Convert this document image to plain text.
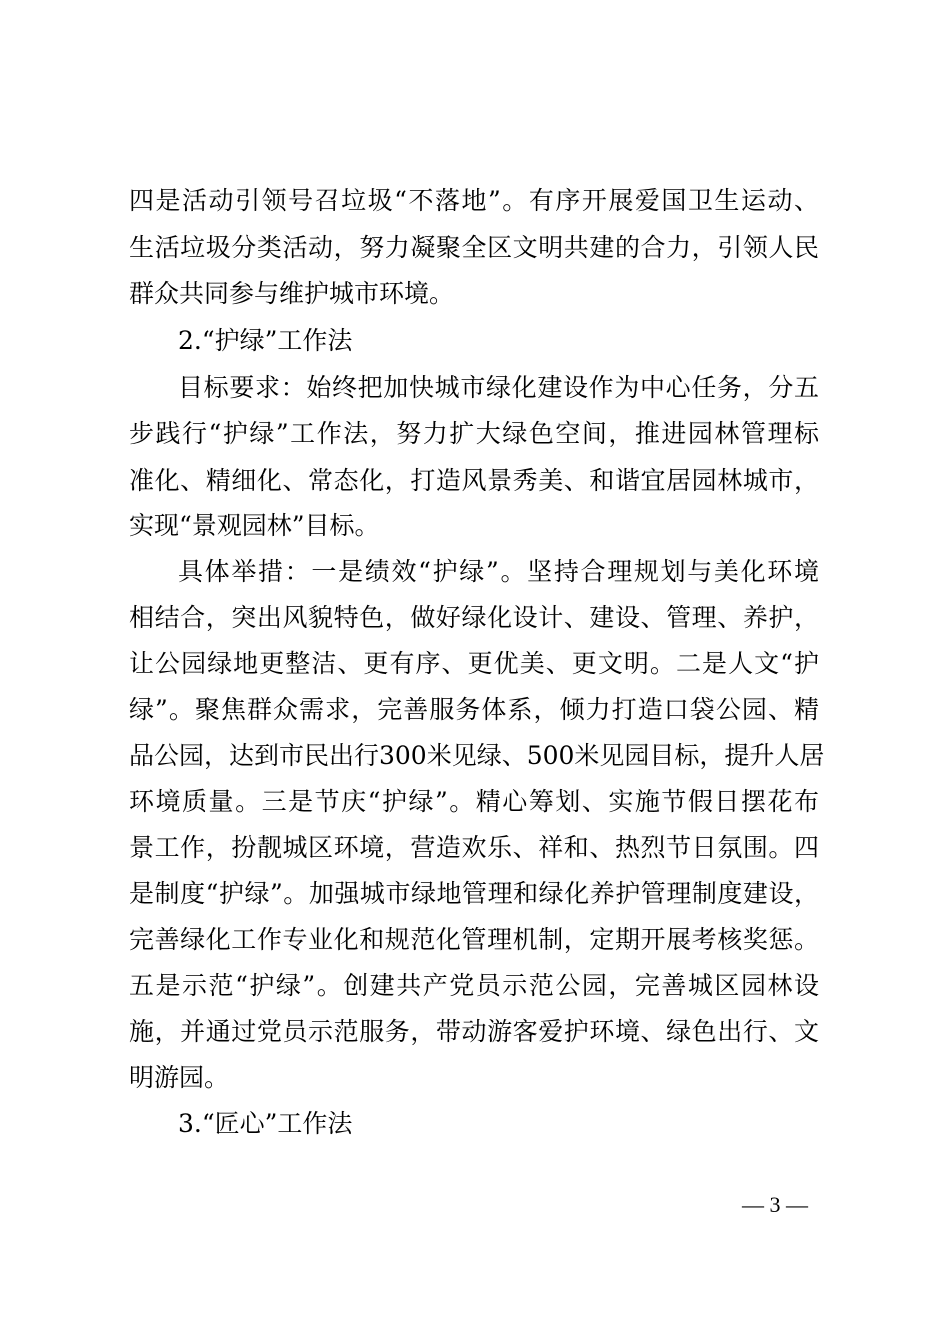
四是活动引领号召垃圾“不落地”。有序开展爱国卫生运动、
生活垃圾分类活动，努力凝聚全区文明共建的合力，引领人民
群众共同参与维护城市环境。
2.“护绿”工作法
目标要求：始终把加快城市绿化建设作为中心任务，分五
步践行“护绿”工作法，努力扩大绿色空间，推进园林管理标
准化、精细化、常态化，打造风景秀美、和谐宜居园林城市，
实现“景观园林”目标。
具体举措：一是绩效“护绿”。坚持合理规划与美化环境
相结合，突出风貌特色，做好绿化设计、建设、管理、养护，
让公园绿地更整洁、更有序、更优美、更文明。二是人文“护
绿”。聚焦群众需求，完善服务体系，倾力打造口袋公园、精
品公园，达到市民出行300米见绿、500米见园目标，提升人居
环境质量。三是节庆“护绿”。精心筹划、实施节假日摆花布
景工作，扮靓城区环境，营造欢乐、祥和、热烈节日氛围。四
是制度“护绿”。加强城市绿地管理和绿化养护管理制度建设，
完善绿化工作专业化和规范化管理机制，定期开展考核奖惩。
五是示范“护绿”。创建共产党员示范公园，完善城区园林设
施，并通过党员示范服务，带动游客爱护环境、绿色出行、文
明游园。
3.“匠心”工作法
— 3 —
